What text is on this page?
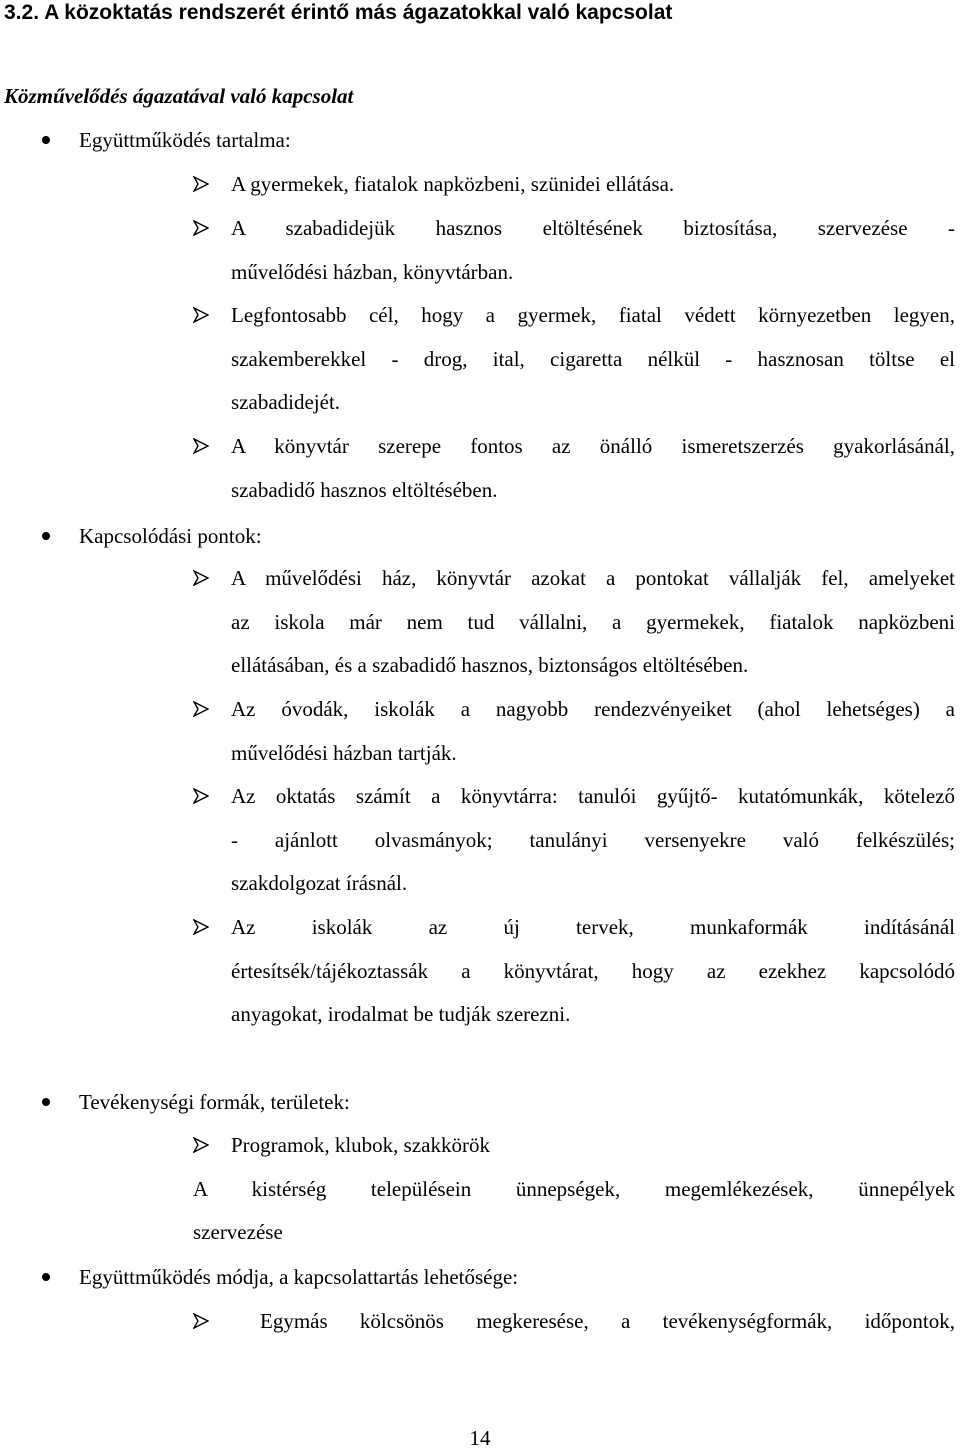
3.2. A közoktatás rendszerét érintő más ágazatokkal való kapcsolat
Közművelődés ágazatával való kapcsolat
Együttműködés tartalma:
A gyermekek, fiatalok napközbeni, szünidei ellátása.
A szabadidejük hasznos eltöltésének biztosítása, szervezése -
művelődési házban, könyvtárban.
Legfontosabb cél, hogy a gyermek, fiatal védett környezetben legyen,
szakemberekkel - drog, ital, cigaretta nélkül - hasznosan töltse el
szabadidejét.
A könyvtár szerepe fontos az önálló ismeretszerzés gyakorlásánál,
szabadidő hasznos eltöltésében.
Kapcsolódási pontok:
A művelődési ház, könyvtár azokat a pontokat vállalják fel, amelyeket
az iskola már nem tud vállalni, a gyermekek, fiatalok napközbeni
ellátásában, és a szabadidő hasznos, biztonságos eltöltésében.
Az óvodák, iskolák a nagyobb rendezvényeiket (ahol lehetséges) a
művelődési házban tartják.
Az oktatás számít a könyvtárra: tanulói gyűjtő- kutatómunkák, kötelező
- ajánlott olvasmányok; tanulányi versenyekre való felkészülés;
szakdolgozat írásnál.
Az iskolák az új tervek, munkaformák indításánál
értesítsék/tájékoztassák a könyvtárat, hogy az ezekhez kapcsolódó
anyagokat, irodalmat be tudják szerezni.
Tevékenységi formák, területek:
Programok, klubok, szakkörök
A kistérség településein ünnepségek, megemlékezések, ünnepélyek
szervezése
Együttműködés módja, a kapcsolattartás lehetősége:
Egymás kölcsönös megkeresése, a tevékenységformák, időpontok,
14
